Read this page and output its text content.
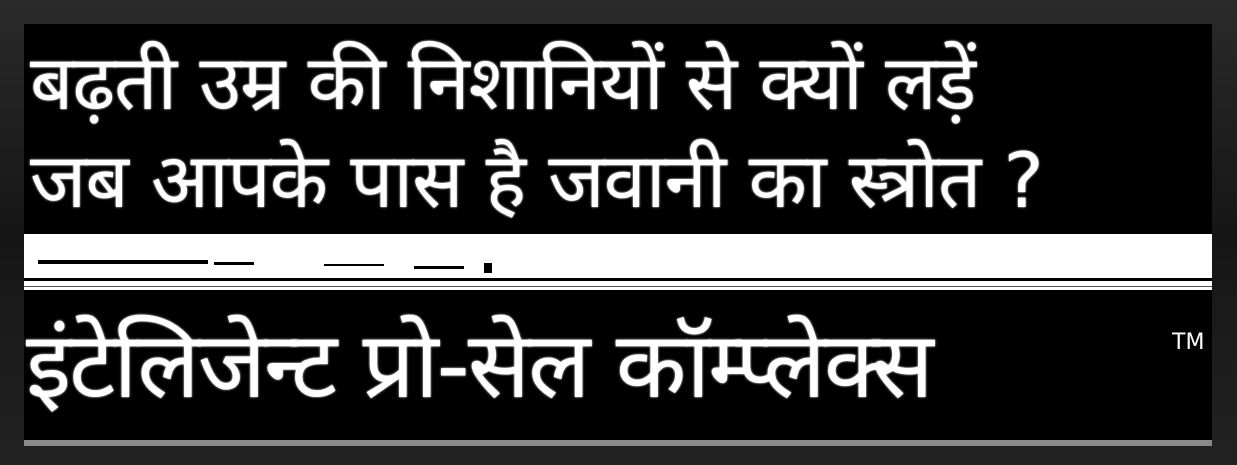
बढ़ती उम्र की निशानियों से क्यों लड़ें
जब आपके पास है जवानी का स्त्रोत ?
इंटेलिजेन्ट प्रो-सेल कॉम्प्लेक्स	TM
